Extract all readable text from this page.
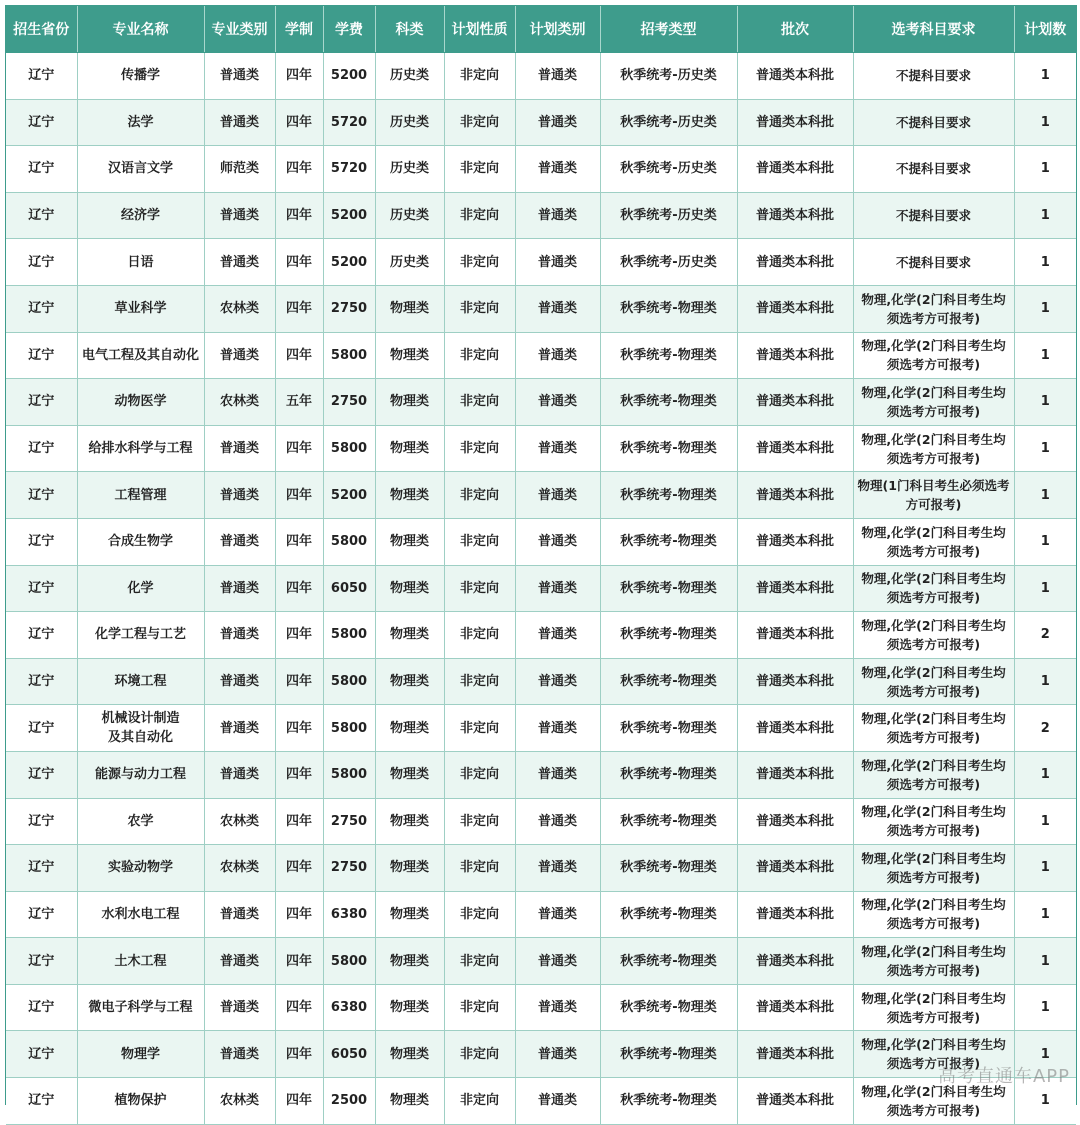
招生省份	专业名称	专业类别	学制	学费	科类	计划性质	计划类别	招考类型	批次	选考科目要求	计划数
辽宁	传播学	普通类	四年	5200	历史类	非定向	普通类	秋季统考-历史类	普通类本科批	不提科目要求	1
辽宁	法学	普通类	四年	5720	历史类	非定向	普通类	秋季统考-历史类	普通类本科批	不提科目要求	1
辽宁	汉语言文学	师范类	四年	5720	历史类	非定向	普通类	秋季统考-历史类	普通类本科批	不提科目要求	1
辽宁	经济学	普通类	四年	5200	历史类	非定向	普通类	秋季统考-历史类	普通类本科批	不提科目要求	1
辽宁	日语	普通类	四年	5200	历史类	非定向	普通类	秋季统考-历史类	普通类本科批	不提科目要求	1
辽宁	草业科学	农林类	四年	2750	物理类	非定向	普通类	秋季统考-物理类	普通类本科批	物理,化学(2门科目考生均须选考方可报考)	1
辽宁	电气工程及其自动化	普通类	四年	5800	物理类	非定向	普通类	秋季统考-物理类	普通类本科批	物理,化学(2门科目考生均须选考方可报考)	1
辽宁	动物医学	农林类	五年	2750	物理类	非定向	普通类	秋季统考-物理类	普通类本科批	物理,化学(2门科目考生均须选考方可报考)	1
辽宁	给排水科学与工程	普通类	四年	5800	物理类	非定向	普通类	秋季统考-物理类	普通类本科批	物理,化学(2门科目考生均须选考方可报考)	1
辽宁	工程管理	普通类	四年	5200	物理类	非定向	普通类	秋季统考-物理类	普通类本科批	物理(1门科目考生必须选考方可报考)	1
辽宁	合成生物学	普通类	四年	5800	物理类	非定向	普通类	秋季统考-物理类	普通类本科批	物理,化学(2门科目考生均须选考方可报考)	1
辽宁	化学	普通类	四年	6050	物理类	非定向	普通类	秋季统考-物理类	普通类本科批	物理,化学(2门科目考生均须选考方可报考)	1
辽宁	化学工程与工艺	普通类	四年	5800	物理类	非定向	普通类	秋季统考-物理类	普通类本科批	物理,化学(2门科目考生均须选考方可报考)	2
辽宁	环境工程	普通类	四年	5800	物理类	非定向	普通类	秋季统考-物理类	普通类本科批	物理,化学(2门科目考生均须选考方可报考)	1
辽宁	机械设计制造
及其自动化	普通类	四年	5800	物理类	非定向	普通类	秋季统考-物理类	普通类本科批	物理,化学(2门科目考生均须选考方可报考)	2
辽宁	能源与动力工程	普通类	四年	5800	物理类	非定向	普通类	秋季统考-物理类	普通类本科批	物理,化学(2门科目考生均须选考方可报考)	1
辽宁	农学	农林类	四年	2750	物理类	非定向	普通类	秋季统考-物理类	普通类本科批	物理,化学(2门科目考生均须选考方可报考)	1
辽宁	实验动物学	农林类	四年	2750	物理类	非定向	普通类	秋季统考-物理类	普通类本科批	物理,化学(2门科目考生均须选考方可报考)	1
辽宁	水利水电工程	普通类	四年	6380	物理类	非定向	普通类	秋季统考-物理类	普通类本科批	物理,化学(2门科目考生均须选考方可报考)	1
辽宁	土木工程	普通类	四年	5800	物理类	非定向	普通类	秋季统考-物理类	普通类本科批	物理,化学(2门科目考生均须选考方可报考)	1
辽宁	微电子科学与工程	普通类	四年	6380	物理类	非定向	普通类	秋季统考-物理类	普通类本科批	物理,化学(2门科目考生均须选考方可报考)	1
辽宁	物理学	普通类	四年	6050	物理类	非定向	普通类	秋季统考-物理类	普通类本科批	物理,化学(2门科目考生均须选考方可报考)	1
辽宁	植物保护	农林类	四年	2500	物理类	非定向	普通类	秋季统考-物理类	普通类本科批	物理,化学(2门科目考生均须选考方可报考)	1
高考直通车APP
